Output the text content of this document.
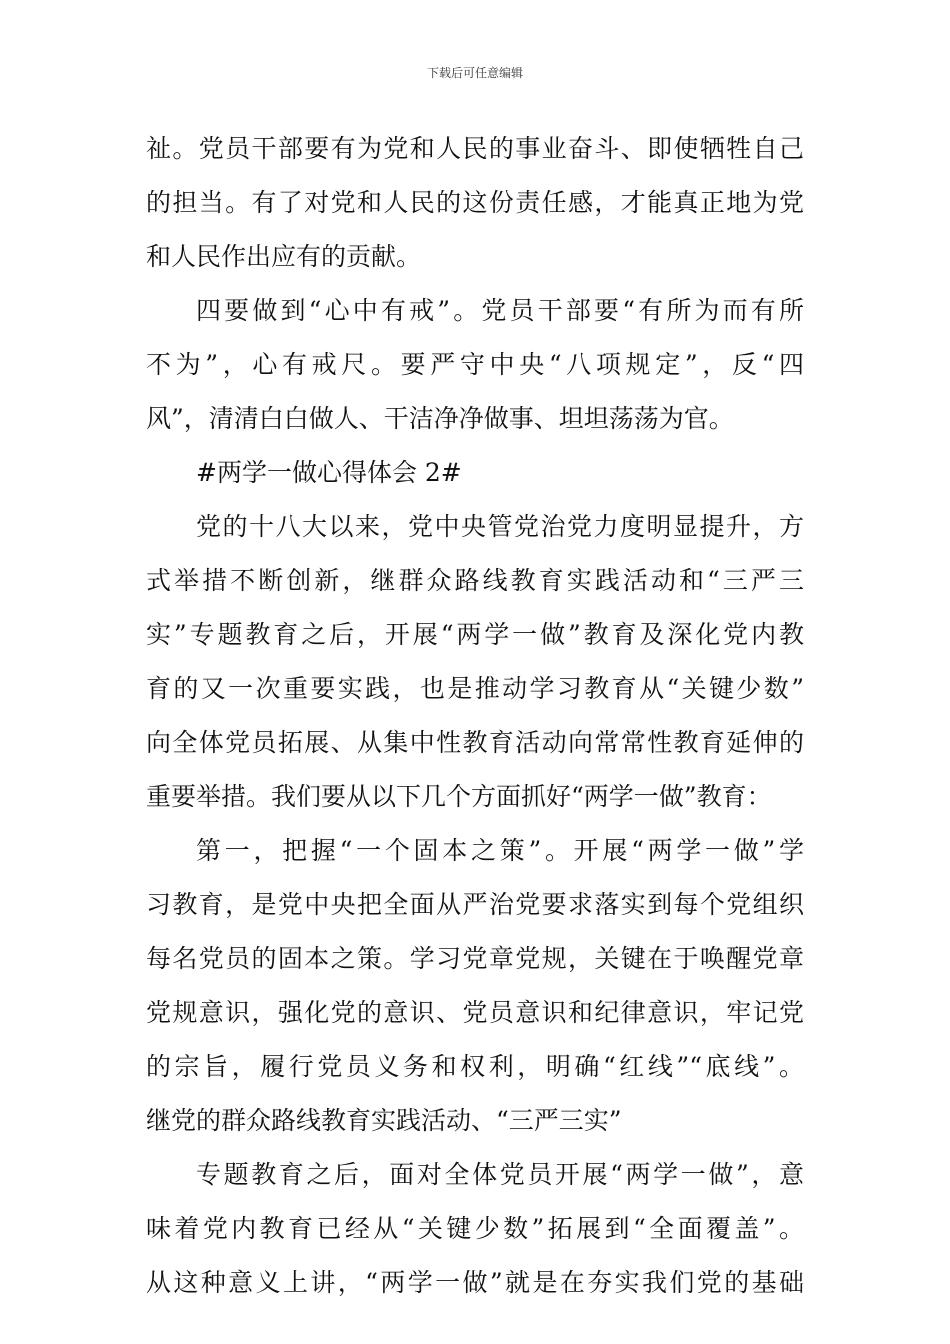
下载后可任意编辑
祉。党员干部要有为党和人民的事业奋斗、即使牺牲自己
的担当。有了对党和人民的这份责任感，才能真正地为党
和人民作出应有的贡献。
四要做到“心中有戒”。党员干部要“有所为而有所
不为”，心有戒尺。要严守中央“八项规定”，反“四
风”，清清白白做人、干洁净净做事、坦坦荡荡为官。
#两学一做心得体会 2#
党的十八大以来，党中央管党治党力度明显提升，方
式举措不断创新，继群众路线教育实践活动和“三严三
实”专题教育之后，开展“两学一做”教育及深化党内教
育的又一次重要实践，也是推动学习教育从“关键少数”
向全体党员拓展、从集中性教育活动向常常性教育延伸的
重要举措。我们要从以下几个方面抓好“两学一做”教育：
第一，把握“一个固本之策”。开展“两学一做”学
习教育，是党中央把全面从严治党要求落实到每个党组织
每名党员的固本之策。学习党章党规，关键在于唤醒党章
党规意识，强化党的意识、党员意识和纪律意识，牢记党
的宗旨，履行党员义务和权利，明确“红线”“底线”。
继党的群众路线教育实践活动、“三严三实”
专题教育之后，面对全体党员开展“两学一做”，意
味着党内教育已经从“关键少数”拓展到“全面覆盖”。
从这种意义上讲，“两学一做”就是在夯实我们党的基础
